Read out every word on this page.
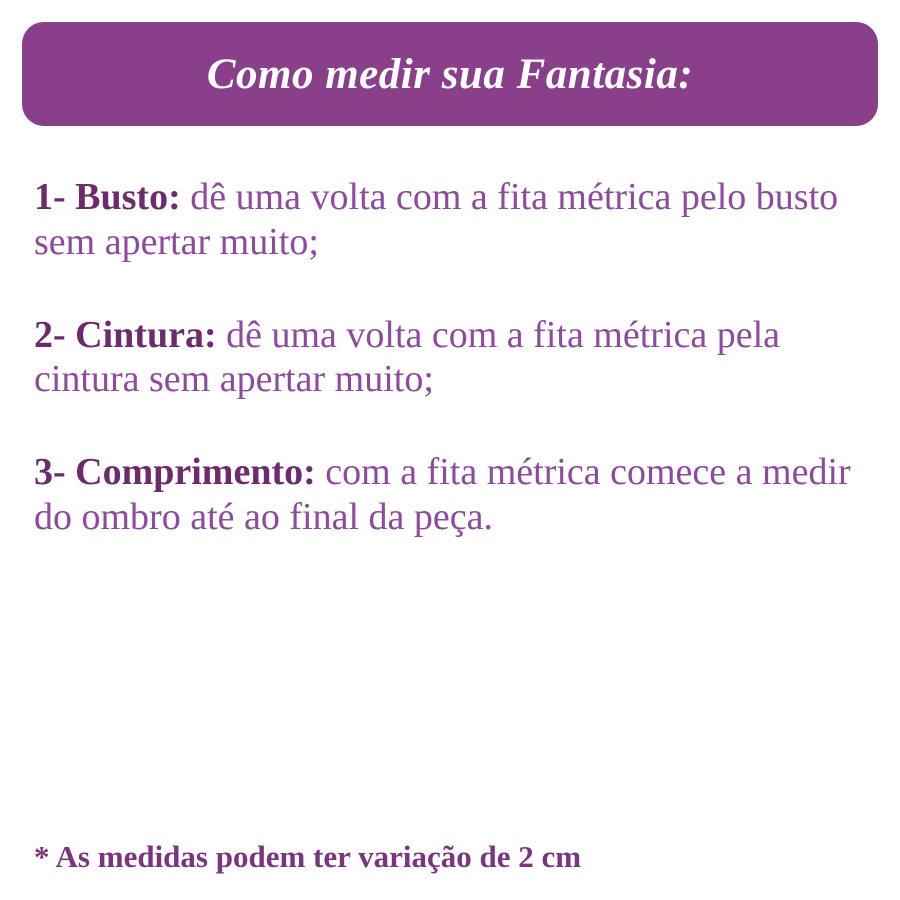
Como medir sua Fantasia:
1- Busto: dê uma volta com a fita métrica pelo busto sem apertar muito;
2- Cintura: dê uma volta com a fita métrica pela cintura sem apertar muito;
3- Comprimento: com a fita métrica comece a medir do ombro até ao final da peça.
* As medidas podem ter variação de 2 cm
